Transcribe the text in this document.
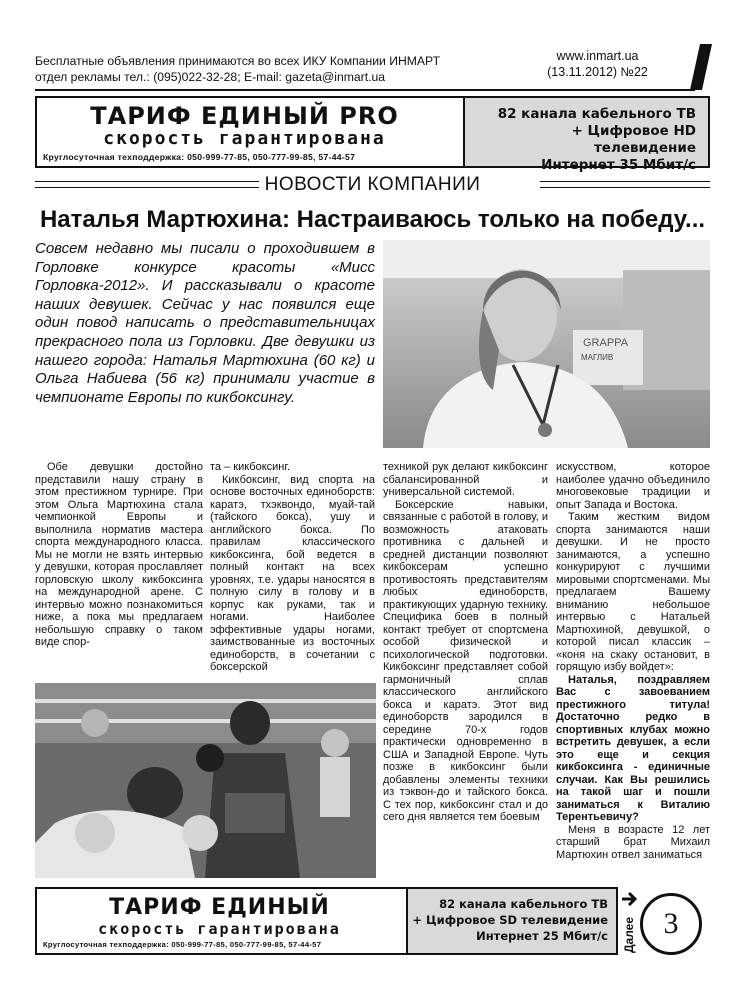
Бесплатные объявления принимаются во всех ИКУ Компании ИНМАРТ
отдел рекламы тел.: (095)022-32-28; E-mail: gazeta@inmart.ua
www.inmart.ua
(13.11.2012) №22
ТАРИФ ЕДИНЫЙ PRO
скорость гарантирована
Круглосуточная техподдержка: 050-999-77-85, 050-777-99-85, 57-44-57
82 канала кабельного ТВ
+ Цифровое HD телевидение
Интернет 35 Мбит/с
НОВОСТИ КОМПАНИИ
Наталья Мартюхина: Настраиваюсь только на победу...
Совсем недавно мы писали о проходившем в Горловке конкурсе красоты «Мисс Горловка-2012». И рассказывали о красоте наших девушек. Сейчас у нас появился еще один повод написать о представительницах прекрасного пола из Горловки. Две девушки из нашего города: Наталья Мартюхина (60 кг) и Ольга Набиева (56 кг) принимали участие в чемпионате Европы по кикбоксингу.
GRAPPA
МАГЛИВ

Обе девушки достойно представили нашу страну в этом престижном турнире. При этом Ольга Мартюхина стала чемпионкой Европы и выполнила норматив мастера спорта международного класса. Мы не могли не взять интервью у девушки, которая прославляет горловскую школу кикбоксинга на международной арене. С интервью можно познакомиться ниже, а пока мы предлагаем небольшую справку о таком виде спор-

та – кикбоксинг.

Кикбоксинг, вид спорта на основе восточных единоборств: каратэ, тхэквондо, муай-тай (тайского бокса), ушу и английского бокса. По правилам классического кикбоксинга, бой ведется в полный контакт на всех уровнях, т.е. удары наносятся в полную силу в голову и в корпус как руками, так и ногами. Наиболее эффективные удары ногами, заимствованные из восточных единоборств, в сочетании с боксерской

техникой рук делают кикбоксинг сбалансированной и универсальной системой.

Боксерские навыки, связанные с работой в голову, и возможность атаковать противника с дальней и средней дистанции позволяют кикбоксерам успешно противостоять представителям любых единоборств, практикующих ударную технику. Специфика боев в полный контакт требует от спортсмена особой физической и психологической подготовки. Кикбоксинг представляет собой гармоничный сплав классического английского бокса и каратэ. Этот вид единоборств зародился в середине 70-х годов практически одновременно в США и Западной Европе. Чуть позже в кикбоксинг были добавлены элементы техники из тэквон-до и тайского бокса. С тех пор, кикбоксинг стал и до сего дня является тем боевым

искусством, которое наиболее удачно объединило многовековые традиции и опыт Запада и Востока.

Таким жестким видом спорта занимаются наши девушки. И не просто занимаются, а успешно конкурируют с лучшими мировыми спортсменами. Мы предлагаем Вашему вниманию небольшое интервью с Натальей Мартюхиной, девушкой, о которой писал классик – «коня на скаку остановит, в горящую избу войдет»:

Наталья, поздравляем Вас с завоеванием престижного титула! Достаточно редко в спортивных клубах можно встретить девушек, а если это еще и секция кикбоксинга - единичные случаи. Как Вы решились на такой шаг и пошли заниматься к Виталию Терентьевичу?

Меня в возрасте 12 лет старший брат Михаил Мартюхин отвел заниматься

ТАРИФ ЕДИНЫЙ
скорость гарантирована
Круглосуточная техподдержка: 050-999-77-85, 050-777-99-85, 57-44-57
82 канала кабельного ТВ
+ Цифровое SD телевидение
Интернет 25 Мбит/с Далее 3
